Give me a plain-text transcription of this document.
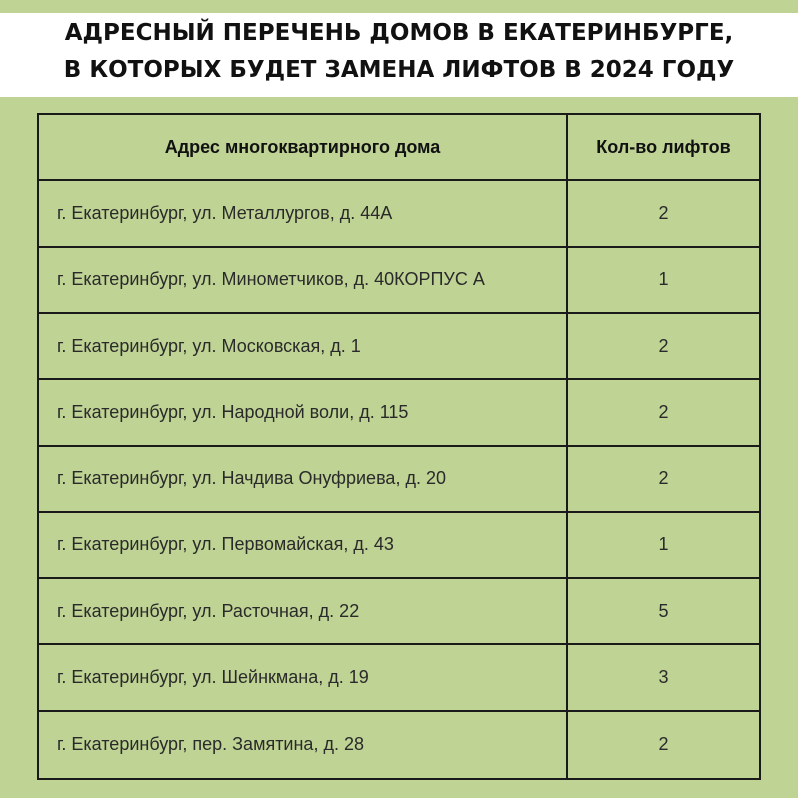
АДРЕСНЫЙ ПЕРЕЧЕНЬ ДОМОВ В ЕКАТЕРИНБУРГЕ,
В КОТОРЫХ БУДЕТ ЗАМЕНА ЛИФТОВ В 2024 ГОДУ
Адрес многоквартирного дома	Кол-во лифтов
г. Екатеринбург, ул. Металлургов, д. 44А	2
г. Екатеринбург, ул. Минометчиков, д. 40КОРПУС А	1
г. Екатеринбург, ул. Московская, д. 1	2
г. Екатеринбург, ул. Народной воли, д. 115	2
г. Екатеринбург, ул. Начдива Онуфриева, д. 20	2
г. Екатеринбург, ул. Первомайская, д. 43	1
г. Екатеринбург, ул. Расточная, д. 22	5
г. Екатеринбург, ул. Шейнкмана, д. 19	3
г. Екатеринбург, пер. Замятина, д. 28	2
